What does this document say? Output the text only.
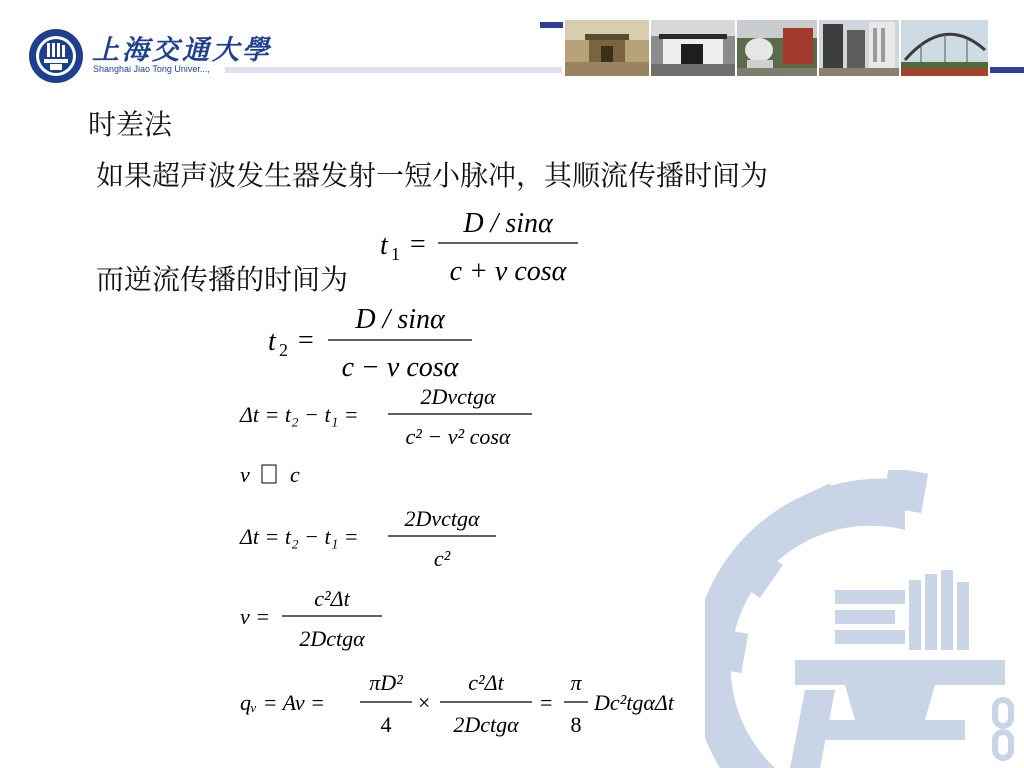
上海交通大學
Shanghai Jiao Tong Univer...,
时差法
如果超声波发生器发射一短小脉冲，其顺流传播时间为
而逆流传播的时间为
t 1 =
D / sinα
c + v cosα
t 2 =
D / sinα
c − v cosα
Δt = t₂ − t₁ =
2Dvctgα
c² − v² cosα
v c
Δt = t₂ − t₁ =
2Dvctgα
c²
v =
c²Δt
2Dctgα
qᵥ = Av =
πD²
4
×
c²Δt
2Dctgα
=
π
8
Dc²tgαΔt
